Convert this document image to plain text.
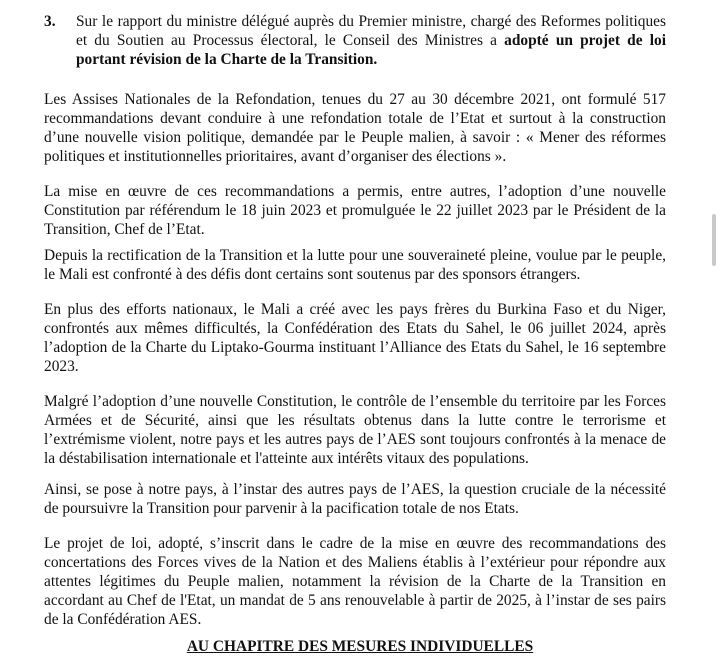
3. Sur le rapport du ministre délégué auprès du Premier ministre, chargé des Reformes politiques et du Soutien au Processus électoral, le Conseil des Ministres a adopté un projet de loi portant révision de la Charte de la Transition.

Les Assises Nationales de la Refondation, tenues du 27 au 30 décembre 2021, ont formulé 517 recommandations devant conduire à une refondation totale de l’Etat et surtout à la construction d’une nouvelle vision politique, demandée par le Peuple malien, à savoir : « Mener des réformes politiques et institutionnelles prioritaires, avant d’organiser des élections ».

La mise en œuvre de ces recommandations a permis, entre autres, l’adoption d’une nouvelle Constitution par référendum le 18 juin 2023 et promulguée le 22 juillet 2023 par le Président de la Transition, Chef de l’Etat.

Depuis la rectification de la Transition et la lutte pour une souveraineté pleine, voulue par le peuple, le Mali est confronté à des défis dont certains sont soutenus par des sponsors étrangers.

En plus des efforts nationaux, le Mali a créé avec les pays frères du Burkina Faso et du Niger, confrontés aux mêmes difficultés, la Confédération des Etats du Sahel, le 06 juillet 2024, après l’adoption de la Charte du Liptako-Gourma instituant l’Alliance des Etats du Sahel, le 16 septembre 2023.

Malgré l’adoption d’une nouvelle Constitution, le contrôle de l’ensemble du territoire par les Forces Armées et de Sécurité, ainsi que les résultats obtenus dans la lutte contre le terrorisme et l’extrémisme violent, notre pays et les autres pays de l’AES sont toujours confrontés à la menace de la déstabilisation internationale et l'atteinte aux intérêts vitaux des populations.

Ainsi, se pose à notre pays, à l’instar des autres pays de l’AES, la question cruciale de la nécessité de poursuivre la Transition pour parvenir à la pacification totale de nos Etats.

Le projet de loi, adopté, s’inscrit dans le cadre de la mise en œuvre des recommandations des concertations des Forces vives de la Nation et des Maliens établis à l’extérieur pour répondre aux attentes légitimes du Peuple malien, notamment la révision de la Charte de la Transition en accordant au Chef de l'Etat, un mandat de 5 ans renouvelable à partir de 2025, à l’instar de ses pairs de la Confédération AES.

AU CHAPITRE DES MESURES INDIVIDUELLES
